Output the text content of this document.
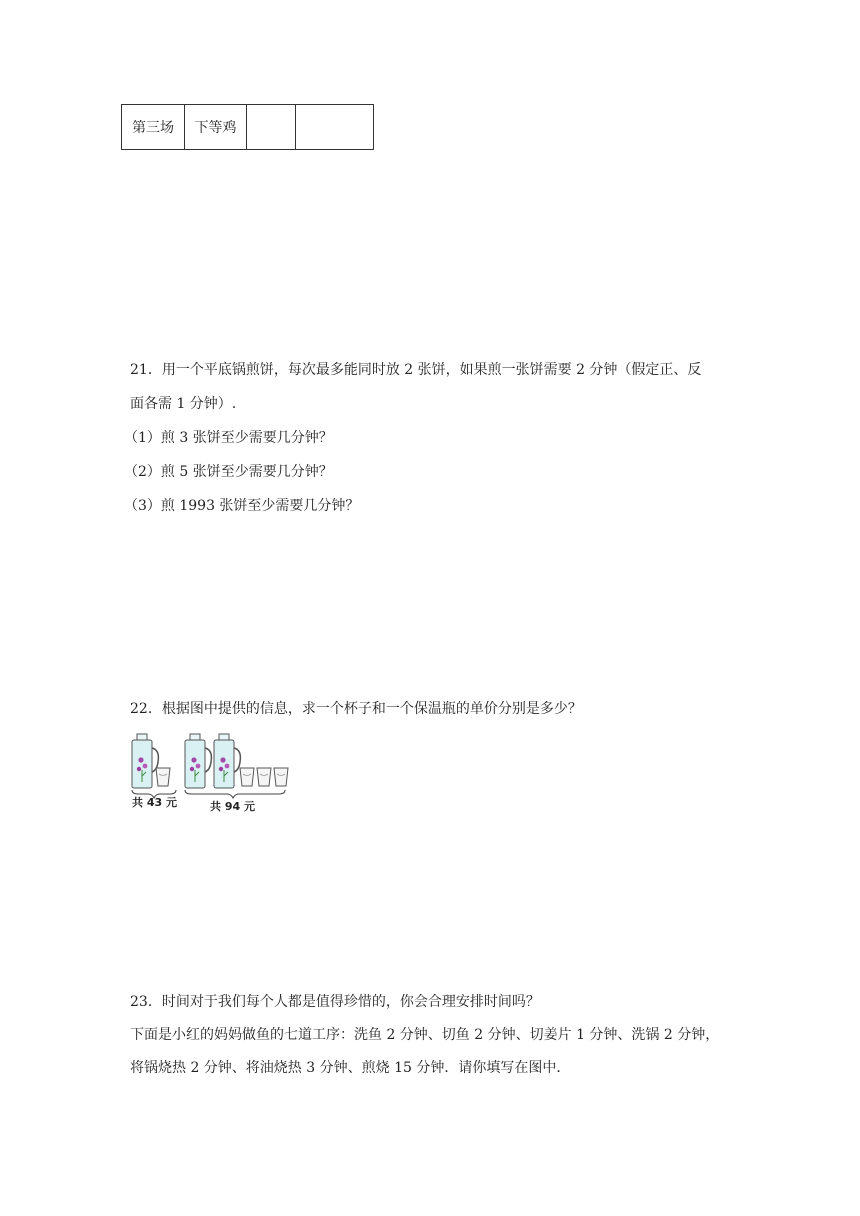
第三场	下等鸡		
21．用一个平底锅煎饼，每次最多能同时放 2 张饼，如果煎一张饼需要 2 分钟（假定正、反
面各需 1 分钟）.
（1）煎 3 张饼至少需要几分钟？
（2）煎 5 张饼至少需要几分钟？
（3）煎 1993 张饼至少需要几分钟？
22．根据图中提供的信息，求一个杯子和一个保温瓶的单价分别是多少？
共 43 元	共 94 元
23．时间对于我们每个人都是值得珍惜的，你会合理安排时间吗？
下面是小红的妈妈做鱼的七道工序：洗鱼 2 分钟、切鱼 2 分钟、切姜片 1 分钟、洗锅 2 分钟，
将锅烧热 2 分钟、将油烧热 3 分钟、煎烧 15 分钟．请你填写在图中．
